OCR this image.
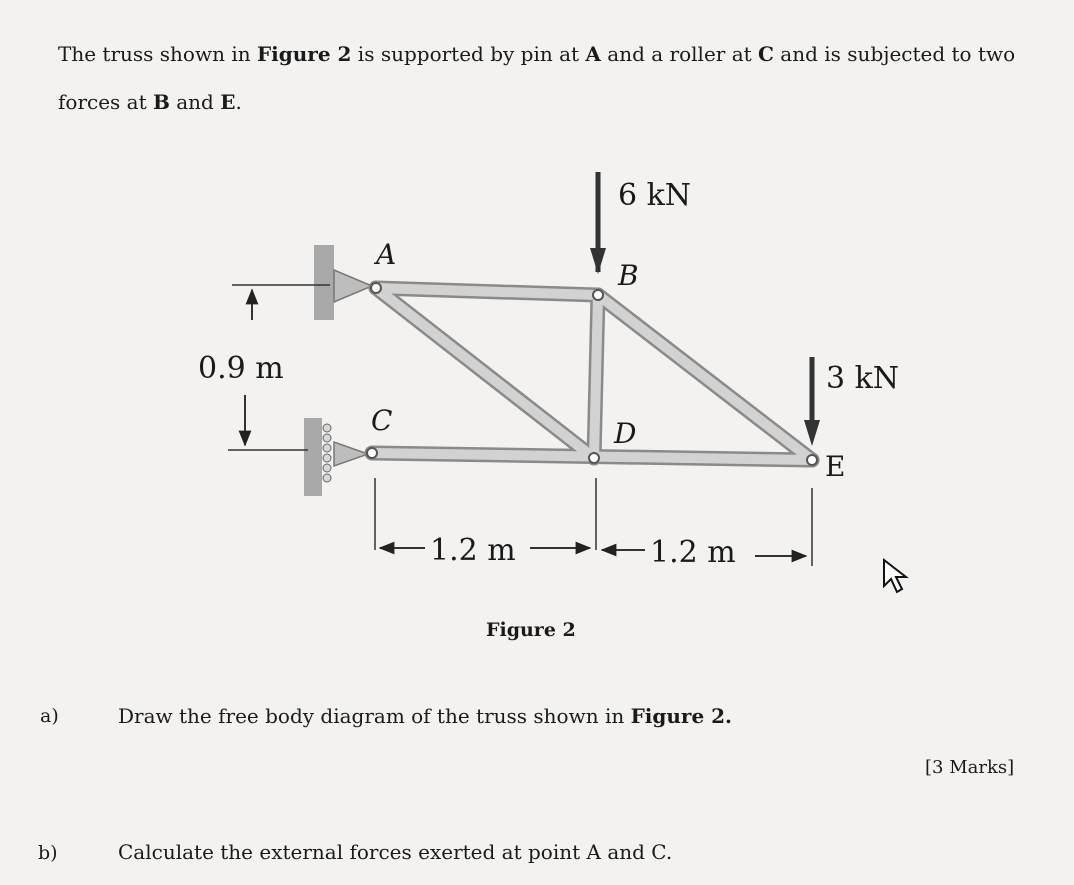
The truss shown in Figure 2 is supported by pin at A and a roller at C and is subjected to two forces at B and E.
A
B
C	D
E
6 kN
3 kN
0.9 m
1.2 m	1.2 m
Figure 2
a)	Draw the free body diagram of the truss shown in Figure 2.
[3 Marks]
b)	Calculate the external forces exerted at point A and C.
